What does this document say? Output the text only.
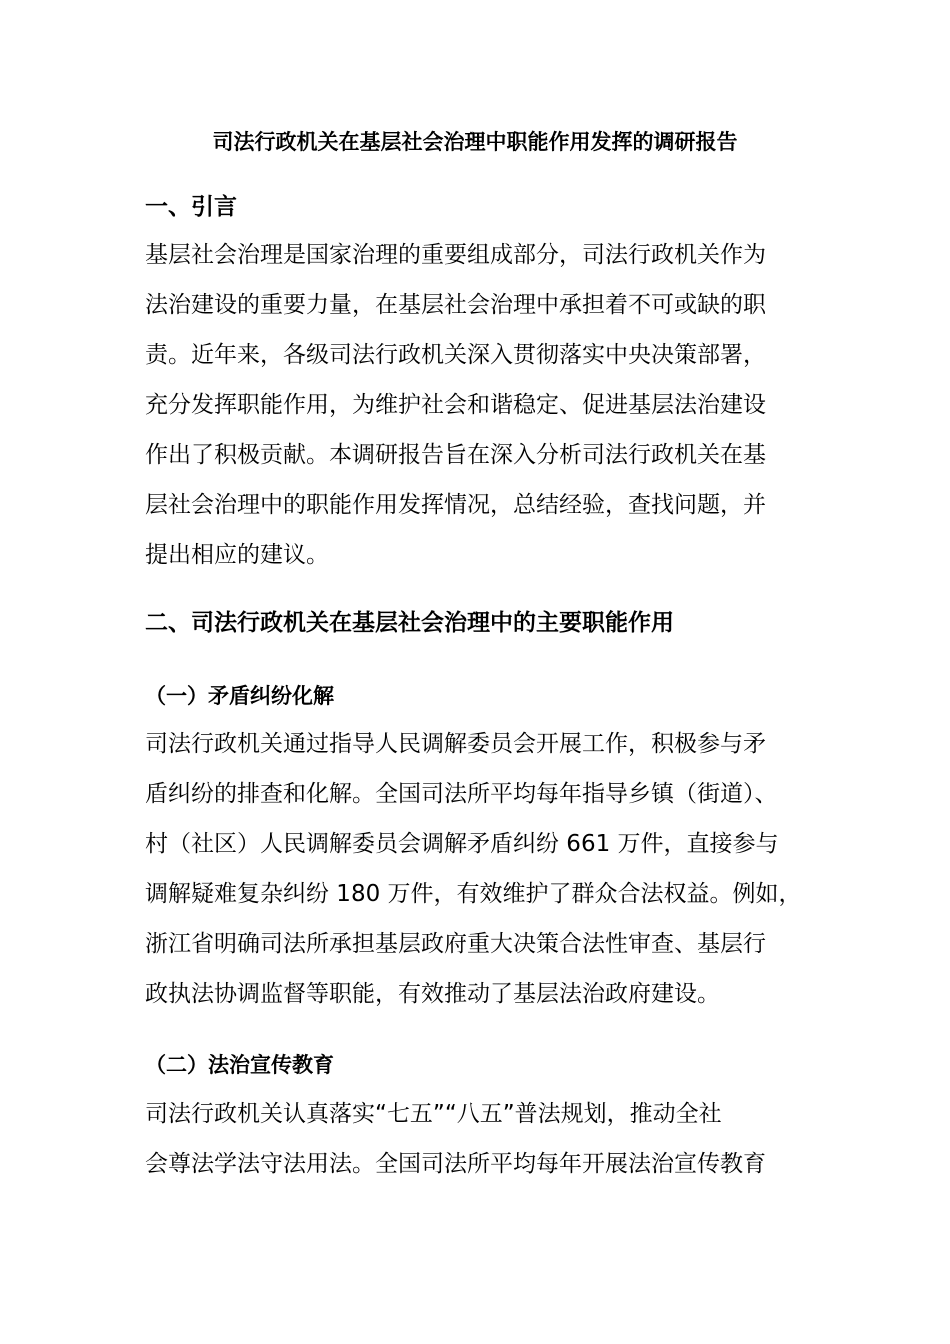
司法行政机关在基层社会治理中职能作用发挥的调研报告
一、引言
基层社会治理是国家治理的重要组成部分，司法行政机关作为
法治建设的重要力量，在基层社会治理中承担着不可或缺的职
责。近年来，各级司法行政机关深入贯彻落实中央决策部署，
充分发挥职能作用，为维护社会和谐稳定、促进基层法治建设
作出了积极贡献。本调研报告旨在深入分析司法行政机关在基
层社会治理中的职能作用发挥情况，总结经验，查找问题，并
提出相应的建议。
二、司法行政机关在基层社会治理中的主要职能作用
（一）矛盾纠纷化解
司法行政机关通过指导人民调解委员会开展工作，积极参与矛
盾纠纷的排查和化解。全国司法所平均每年指导乡镇（街道）、
村（社区）人民调解委员会调解矛盾纠纷 661 万件，直接参与
调解疑难复杂纠纷 180 万件，有效维护了群众合法权益。例如，
浙江省明确司法所承担基层政府重大决策合法性审查、基层行
政执法协调监督等职能，有效推动了基层法治政府建设。
（二）法治宣传教育
司法行政机关认真落实“七五”“八五”普法规划，推动全社
会尊法学法守法用法。全国司法所平均每年开展法治宣传教育
